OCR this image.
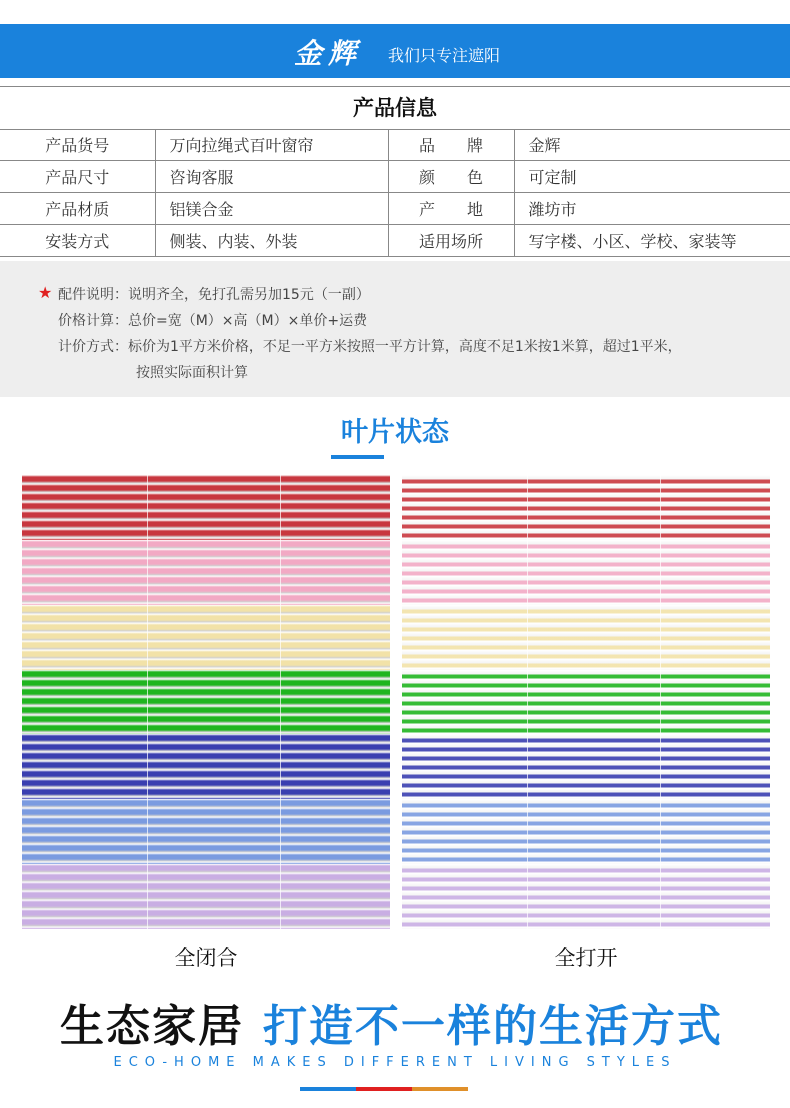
金辉 我们只专注遮阳
产品信息
产品货号	万向拉绳式百叶窗帘	品　　牌	金辉
产品尺寸	咨询客服	颜　　色	可定制
产品材质	铝镁合金	产　　地	潍坊市
安装方式	侧装、内装、外装	适用场所	写字楼、小区、学校、家装等
★ 配件说明：说明齐全，免打孔需另加15元（一副）
价格计算：总价=宽（M）×高（M）×单价+运费
计价方式：标价为1平方米价格，不足一平方米按照一平方计算，高度不足1米按1米算，超过1平米，
按照实际面积计算
叶片状态
全闭合	全打开
生态家居 打造不一样的生活方式
ECO-HOME MAKES DIFFERENT LIVING STYLES
